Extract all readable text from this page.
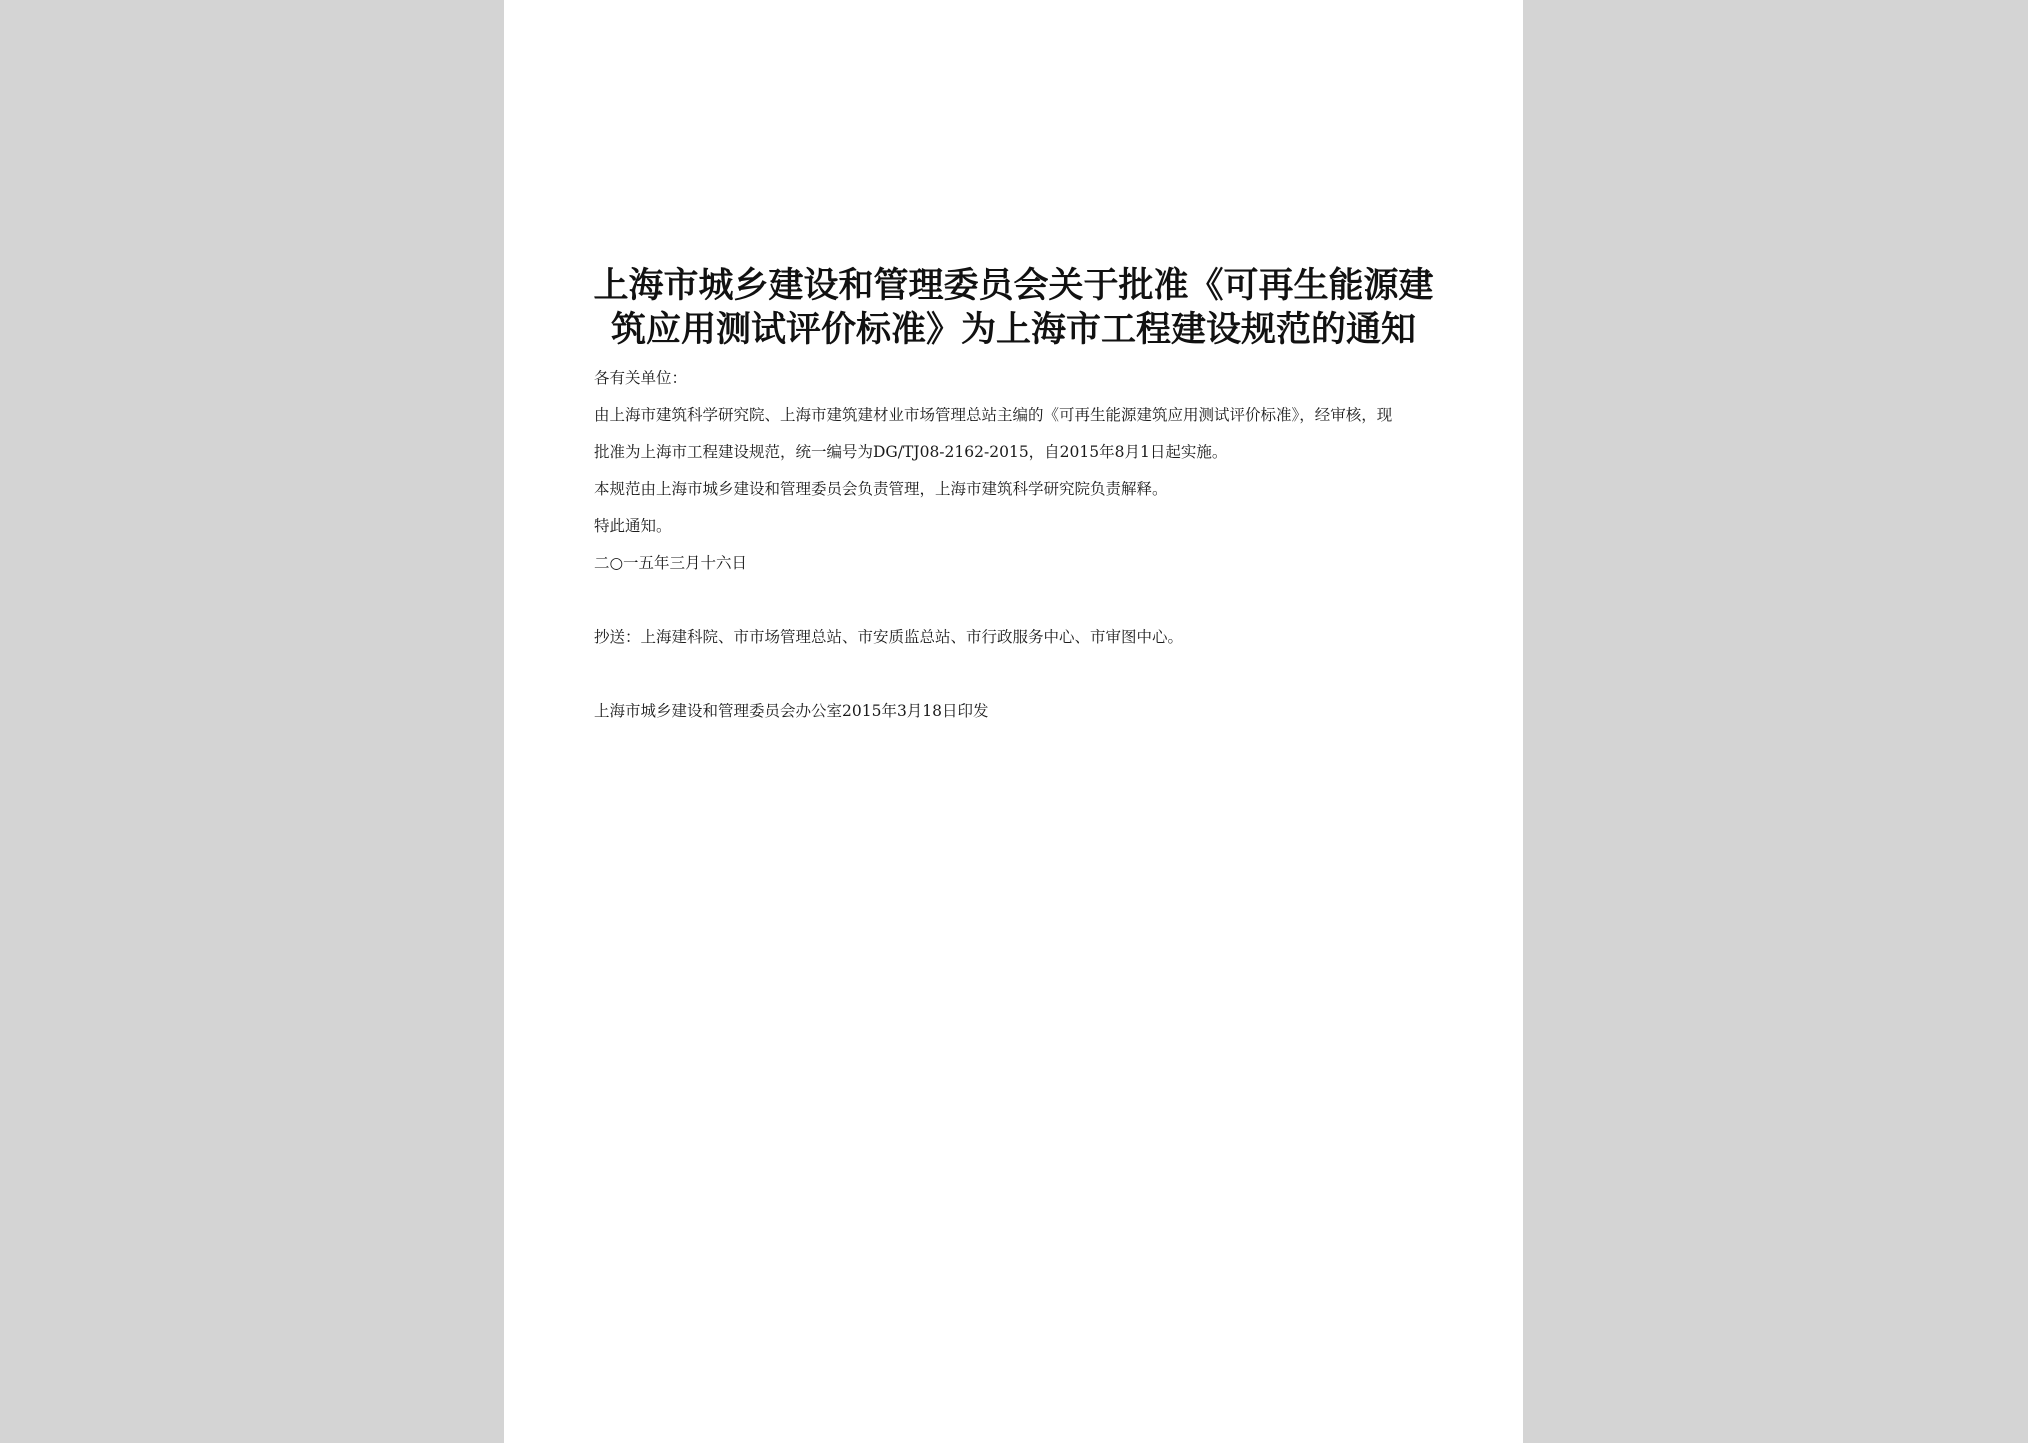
上海市城乡建设和管理委员会关于批准《可再生能源建
筑应用测试评价标准》为上海市工程建设规范的通知
各有关单位：
由上海市建筑科学研究院、上海市建筑建材业市场管理总站主编的《可再生能源建筑应用测试评价标准》，经审核，现
批准为上海市工程建设规范，统一编号为DG/TJ08-2162-2015，自2015年8月1日起实施。
本规范由上海市城乡建设和管理委员会负责管理，上海市建筑科学研究院负责解释。
特此通知。
二○一五年三月十六日
抄送：上海建科院、市市场管理总站、市安质监总站、市行政服务中心、市审图中心。
上海市城乡建设和管理委员会办公室2015年3月18日印发
